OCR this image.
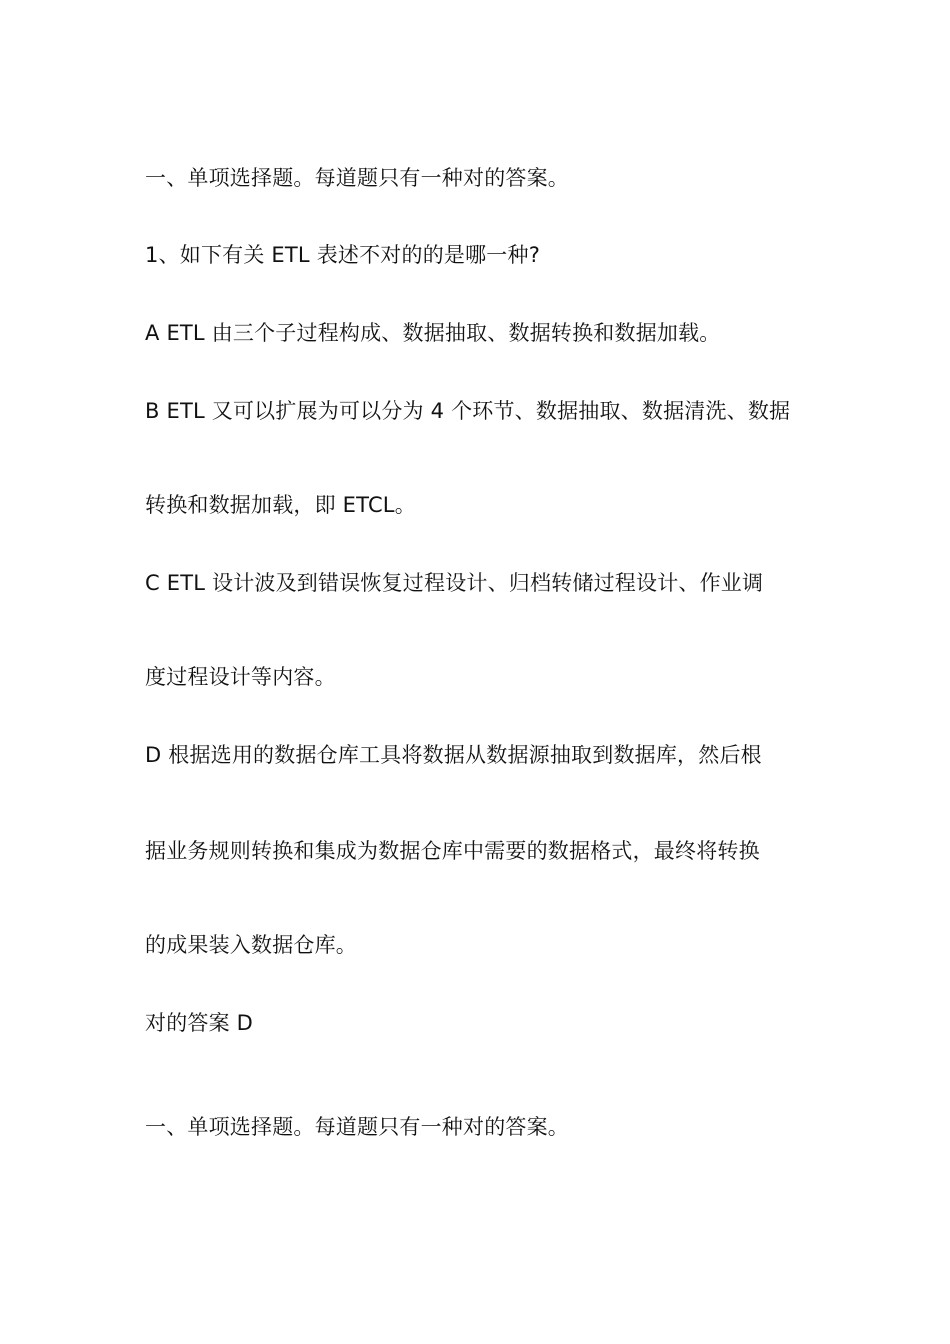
一、单项选择题。每道题只有一种对的答案。
1、如下有关 ETL 表述不对的的是哪一种?
A ETL 由三个子过程构成、数据抽取、数据转换和数据加载。
B ETL 又可以扩展为可以分为 4 个环节、数据抽取、数据清洗、数据
转换和数据加载，即 ETCL。
C ETL 设计波及到错误恢复过程设计、归档转储过程设计、作业调
度过程设计等内容。
D 根据选用的数据仓库工具将数据从数据源抽取到数据库，然后根
据业务规则转换和集成为数据仓库中需要的数据格式，最终将转换
的成果装入数据仓库。
对的答案 D
一、单项选择题。每道题只有一种对的答案。
